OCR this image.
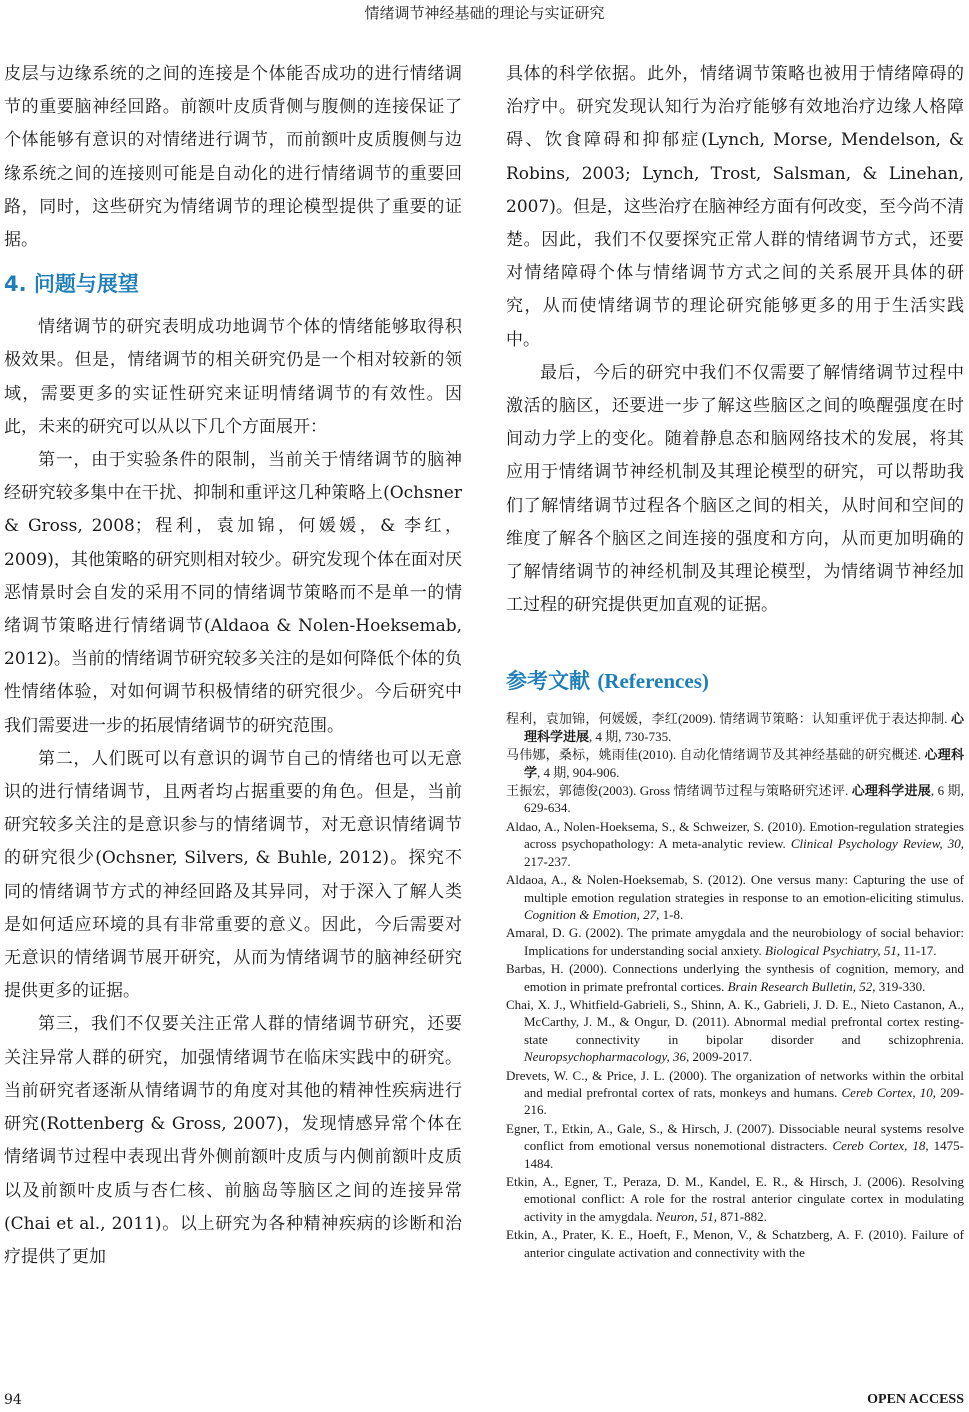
情绪调节神经基础的理论与实证研究

皮层与边缘系统的之间的连接是个体能否成功的进行情绪调节的重要脑神经回路。前额叶皮质背侧与腹侧的连接保证了个体能够有意识的对情绪进行调节，而前额叶皮质腹侧与边缘系统之间的连接则可能是自动化的进行情绪调节的重要回路，同时，这些研究为情绪调节的理论模型提供了重要的证据。

4. 问题与展望

情绪调节的研究表明成功地调节个体的情绪能够取得积极效果。但是，情绪调节的相关研究仍是一个相对较新的领域，需要更多的实证性研究来证明情绪调节的有效性。因此，未来的研究可以从以下几个方面展开：

第一，由于实验条件的限制，当前关于情绪调节的脑神经研究较多集中在干扰、抑制和重评这几种策略上(Ochsner & Gross, 2008；程利，袁加锦，何媛媛，& 李红，2009)，其他策略的研究则相对较少。研究发现个体在面对厌恶情景时会自发的采用不同的情绪调节策略而不是单一的情绪调节策略进行情绪调节(Aldaoa & Nolen-Hoeksemab, 2012)。当前的情绪调节研究较多关注的是如何降低个体的负性情绪体验，对如何调节积极情绪的研究很少。今后研究中我们需要进一步的拓展情绪调节的研究范围。

第二，人们既可以有意识的调节自己的情绪也可以无意识的进行情绪调节，且两者均占据重要的角色。但是，当前研究较多关注的是意识参与的情绪调节，对无意识情绪调节的研究很少(Ochsner, Silvers, & Buhle, 2012)。探究不同的情绪调节方式的神经回路及其异同，对于深入了解人类是如何适应环境的具有非常重要的意义。因此，今后需要对无意识的情绪调节展开研究，从而为情绪调节的脑神经研究提供更多的证据。

第三，我们不仅要关注正常人群的情绪调节研究，还要关注异常人群的研究，加强情绪调节在临床实践中的研究。当前研究者逐渐从情绪调节的角度对其他的精神性疾病进行研究(Rottenberg & Gross, 2007)，发现情感异常个体在情绪调节过程中表现出背外侧前额叶皮质与内侧前额叶皮质以及前额叶皮质与杏仁核、前脑岛等脑区之间的连接异常(Chai et al., 2011)。以上研究为各种精神疾病的诊断和治疗提供了更加

具体的科学依据。此外，情绪调节策略也被用于情绪障碍的治疗中。研究发现认知行为治疗能够有效地治疗边缘人格障碍、饮食障碍和抑郁症(Lynch, Morse, Mendelson, & Robins, 2003; Lynch, Trost, Salsman, & Linehan, 2007)。但是，这些治疗在脑神经方面有何改变，至今尚不清楚。因此，我们不仅要探究正常人群的情绪调节方式，还要对情绪障碍个体与情绪调节方式之间的关系展开具体的研究，从而使情绪调节的理论研究能够更多的用于生活实践中。

最后，今后的研究中我们不仅需要了解情绪调节过程中激活的脑区，还要进一步了解这些脑区之间的唤醒强度在时间动力学上的变化。随着静息态和脑网络技术的发展，将其应用于情绪调节神经机制及其理论模型的研究，可以帮助我们了解情绪调节过程各个脑区之间的相关，从时间和空间的维度了解各个脑区之间连接的强度和方向，从而更加明确的了解情绪调节的神经机制及其理论模型，为情绪调节神经加工过程的研究提供更加直观的证据。

参考文献 (References)
程利，袁加锦，何媛媛，李红(2009). 情绪调节策略：认知重评优于表达抑制. 心理科学进展, 4 期, 730-735.
马伟娜，桑标，姚雨佳(2010). 自动化情绪调节及其神经基础的研究概述. 心理科学, 4 期, 904-906.
王振宏，郭德俊(2003). Gross 情绪调节过程与策略研究述评. 心理科学进展, 6 期, 629-634.
Aldao, A., Nolen-Hoeksema, S., & Schweizer, S. (2010). Emotion-regulation strategies across psychopathology: A meta-analytic review. Clinical Psychology Review, 30, 217-237.
Aldaoa, A., & Nolen-Hoeksemab, S. (2012). One versus many: Capturing the use of multiple emotion regulation strategies in response to an emotion-eliciting stimulus. Cognition & Emotion, 27, 1-8.
Amaral, D. G. (2002). The primate amygdala and the neurobiology of social behavior: Implications for understanding social anxiety. Biological Psychiatry, 51, 11-17.
Barbas, H. (2000). Connections underlying the synthesis of cognition, memory, and emotion in primate prefrontal cortices. Brain Research Bulletin, 52, 319-330.
Chai, X. J., Whitfield-Gabrieli, S., Shinn, A. K., Gabrieli, J. D. E., Nieto Castanon, A., McCarthy, J. M., & Ongur, D. (2011). Abnormal medial prefrontal cortex resting-state connectivity in bipolar disorder and schizophrenia. Neuropsychopharmacology, 36, 2009-2017.
Drevets, W. C., & Price, J. L. (2000). The organization of networks within the orbital and medial prefrontal cortex of rats, monkeys and humans. Cereb Cortex, 10, 209-216.
Egner, T., Etkin, A., Gale, S., & Hirsch, J. (2007). Dissociable neural systems resolve conflict from emotional versus nonemotional distracters. Cereb Cortex, 18, 1475-1484.
Etkin, A., Egner, T., Peraza, D. M., Kandel, E. R., & Hirsch, J. (2006). Resolving emotional conflict: A role for the rostral anterior cingulate cortex in modulating activity in the amygdala. Neuron, 51, 871-882.
Etkin, A., Prater, K. E., Hoeft, F., Menon, V., & Schatzberg, A. F. (2010). Failure of anterior cingulate activation and connectivity with the
94	OPEN ACCESS
